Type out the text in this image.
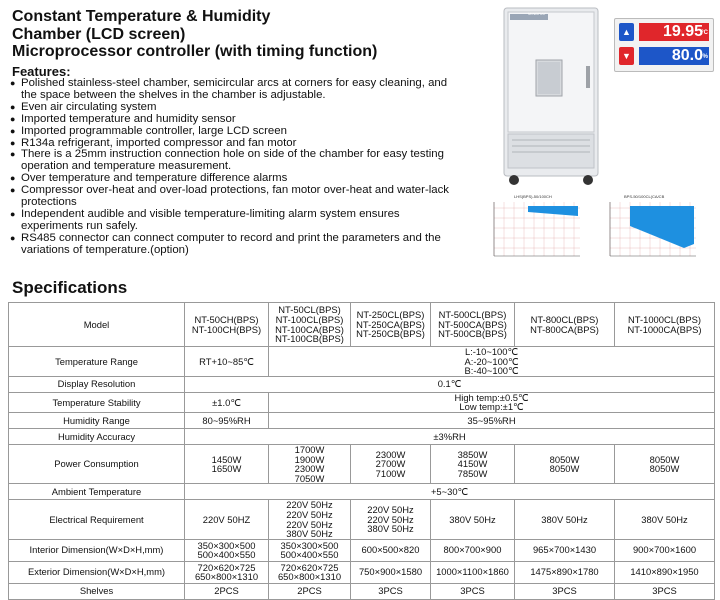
Constant Temperature & Humidity
Chamber (LCD screen)
Microprocessor controller (with timing function)
Features:
● Polished stainless-steel chamber, semicircular arcs at corners for easy cleaning, and the space between the shelves in the chamber is adjustable.
● Even air circulating system
● Imported temperature and humidity sensor
● Imported programmable controller, large LCD screen
● R134a refrigerant, imported compressor and fan motor
● There is a 25mm instruction connection hole on side of the chamber for easy testing operation and temperature measurement.
● Over temperature and temperature difference alarms
● Compressor over-heat and over-load protections, fan motor over-heat and water-lack protections
● Independent audible and visible temperature-limiting alarm system ensures experiments run safely.
● RS485 connector can connect computer to record and print the parameters and the variations of temperature.(option)
MINDRAY
▲	19.95
°C
▼	80.0 %
LHS(BPS)-50/100CH	BPS-50/100CL(CA/CB
Specifications
Model	NT-50CH(BPS)
NT-100CH(BPS)	NT-50CL(BPS)
NT-100CL(BPS)
NT-100CA(BPS)
NT-100CB(BPS)	NT-250CL(BPS)
NT-250CA(BPS)
NT-250CB(BPS)	NT-500CL(BPS)
NT-500CA(BPS)
NT-500CB(BPS)	NT-800CL(BPS)
NT-800CA(BPS)	NT-1000CL(BPS)
NT-1000CA(BPS)
Temperature Range	RT+10~85℃	L:-10~100℃
A:-20~100℃
B:-40~100℃				
Display Resolution	0.1℃					
Temperature Stability	±1.0℃	High temp:±0.5℃
Low temp:±1℃				
Humidity Range	80~95%RH	35~95%RH				
Humidity Accuracy	±3%RH					
Power Consumption	1450W
1650W	1700W
1900W
2300W
7050W	2300W
2700W
7100W	3850W
4150W
7850W	8050W
8050W	8050W
8050W
Ambient Temperature	+5~30℃					
Electrical Requirement	220V 50HZ	220V 50Hz
220V 50Hz
220V 50Hz
380V 50Hz	220V 50Hz
220V 50Hz
380V 50Hz	380V 50Hz	380V 50Hz	380V 50Hz
Interior Dimension(W×D×H,mm)	350×300×500
500×400×550	350×300×500
500×400×550	600×500×820	800×700×900	965×700×1430	900×700×1600
Exterior Dimension(W×D×H,mm)	720×620×725
650×800×1310	720×620×725
650×800×1310	750×900×1580	1000×1100×1860	1475×890×1780	1410×890×1950
Shelves	2PCS	2PCS	3PCS	3PCS	3PCS	3PCS
